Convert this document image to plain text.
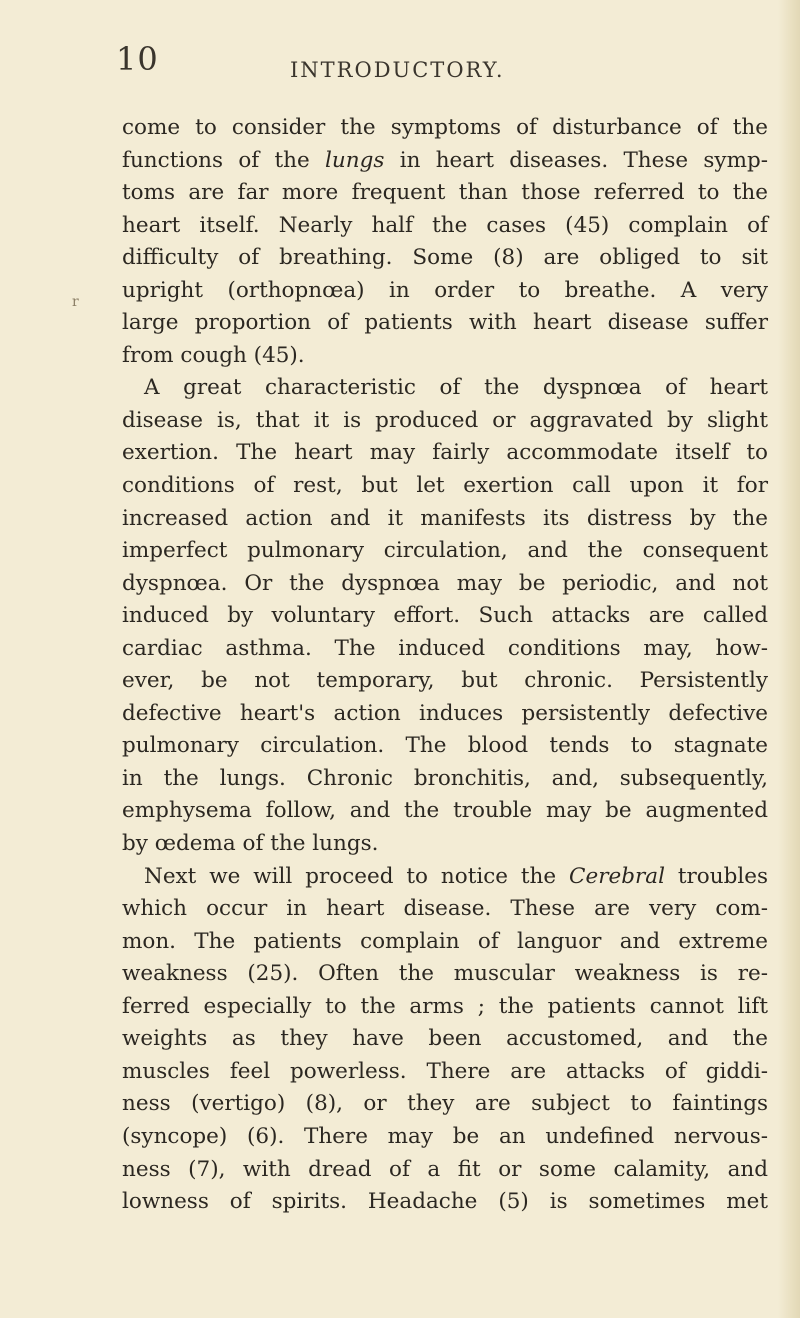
10	INTRODUCTORY.
r
come to consider the symptoms of disturbance of the
functions of the lungs in heart diseases. These symp-
toms are far more frequent than those referred to the
heart itself. Nearly half the cases (45) complain of
difficulty of breathing. Some (8) are obliged to sit
upright (orthopnœa) in order to breathe. A very
large proportion of patients with heart disease suffer
from cough (45).
A great characteristic of the dyspnœa of heart
disease is, that it is produced or aggravated by slight
exertion. The heart may fairly accommodate itself to
conditions of rest, but let exertion call upon it for
increased action and it manifests its distress by the
imperfect pulmonary circulation, and the consequent
dyspnœa. Or the dyspnœa may be periodic, and not
induced by voluntary effort. Such attacks are called
cardiac asthma. The induced conditions may, how-
ever, be not temporary, but chronic. Persistently
defective heart's action induces persistently defective
pulmonary circulation. The blood tends to stagnate
in the lungs. Chronic bronchitis, and, subsequently,
emphysema follow, and the trouble may be augmented
by œdema of the lungs.
Next we will proceed to notice the Cerebral troubles
which occur in heart disease. These are very com-
mon. The patients complain of languor and extreme
weakness (25). Often the muscular weakness is re-
ferred especially to the arms ; the patients cannot lift
weights as they have been accustomed, and the
muscles feel powerless. There are attacks of giddi-
ness (vertigo) (8), or they are subject to faintings
(syncope) (6). There may be an undefined nervous-
ness (7), with dread of a fit or some calamity, and
lowness of spirits. Headache (5) is sometimes met
